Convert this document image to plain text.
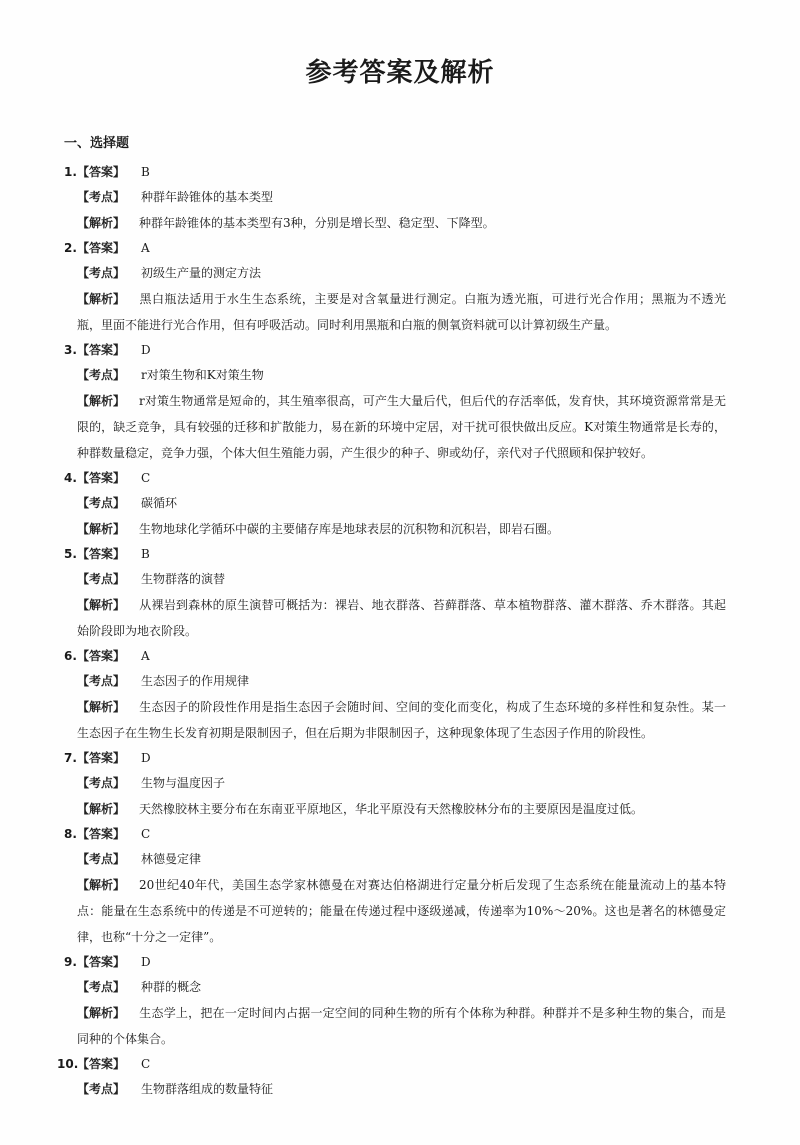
参考答案及解析
一、选择题
1. 【答案】 B
【考点】 种群年龄锥体的基本类型
【解析】 种群年龄锥体的基本类型有3种，分别是增长型、稳定型、下降型。
2. 【答案】 A
【考点】 初级生产量的测定方法
【解析】 黑白瓶法适用于水生生态系统，主要是对含氧量进行测定。白瓶为透光瓶，可进行光合作用；黑瓶为不透光瓶，里面不能进行光合作用，但有呼吸活动。同时利用黑瓶和白瓶的侧氧资料就可以计算初级生产量。
3. 【答案】 D
【考点】 r对策生物和K对策生物
【解析】 r对策生物通常是短命的，其生殖率很高，可产生大量后代，但后代的存活率低，发育快，其环境资源常常是无限的，缺乏竞争，具有较强的迁移和扩散能力，易在新的环境中定居，对干扰可很快做出反应。K对策生物通常是长寿的，种群数量稳定，竞争力强，个体大但生殖能力弱，产生很少的种子、卵或幼仔，亲代对子代照顾和保护较好。
4. 【答案】 C
【考点】 碳循环
【解析】 生物地球化学循环中碳的主要储存库是地球表层的沉积物和沉积岩，即岩石圈。
5. 【答案】 B
【考点】 生物群落的演替
【解析】 从裸岩到森林的原生演替可概括为：裸岩、地衣群落、苔藓群落、草本植物群落、灌木群落、乔木群落。其起始阶段即为地衣阶段。
6. 【答案】 A
【考点】 生态因子的作用规律
【解析】 生态因子的阶段性作用是指生态因子会随时间、空间的变化而变化，构成了生态环境的多样性和复杂性。某一生态因子在生物生长发育初期是限制因子，但在后期为非限制因子，这种现象体现了生态因子作用的阶段性。
7. 【答案】 D
【考点】 生物与温度因子
【解析】 天然橡胶林主要分布在东南亚平原地区，华北平原没有天然橡胶林分布的主要原因是温度过低。
8. 【答案】 C
【考点】 林德曼定律
【解析】 20世纪40年代，美国生态学家林德曼在对赛达伯格湖进行定量分析后发现了生态系统在能量流动上的基本特点：能量在生态系统中的传递是不可逆转的；能量在传递过程中逐级递减，传递率为10%～20%。这也是著名的林德曼定律，也称“十分之一定律”。
9. 【答案】 D
【考点】 种群的概念
【解析】 生态学上，把在一定时间内占据一定空间的同种生物的所有个体称为种群。种群并不是多种生物的集合，而是同种的个体集合。
10.
【答案】 C
【考点】 生物群落组成的数量特征
